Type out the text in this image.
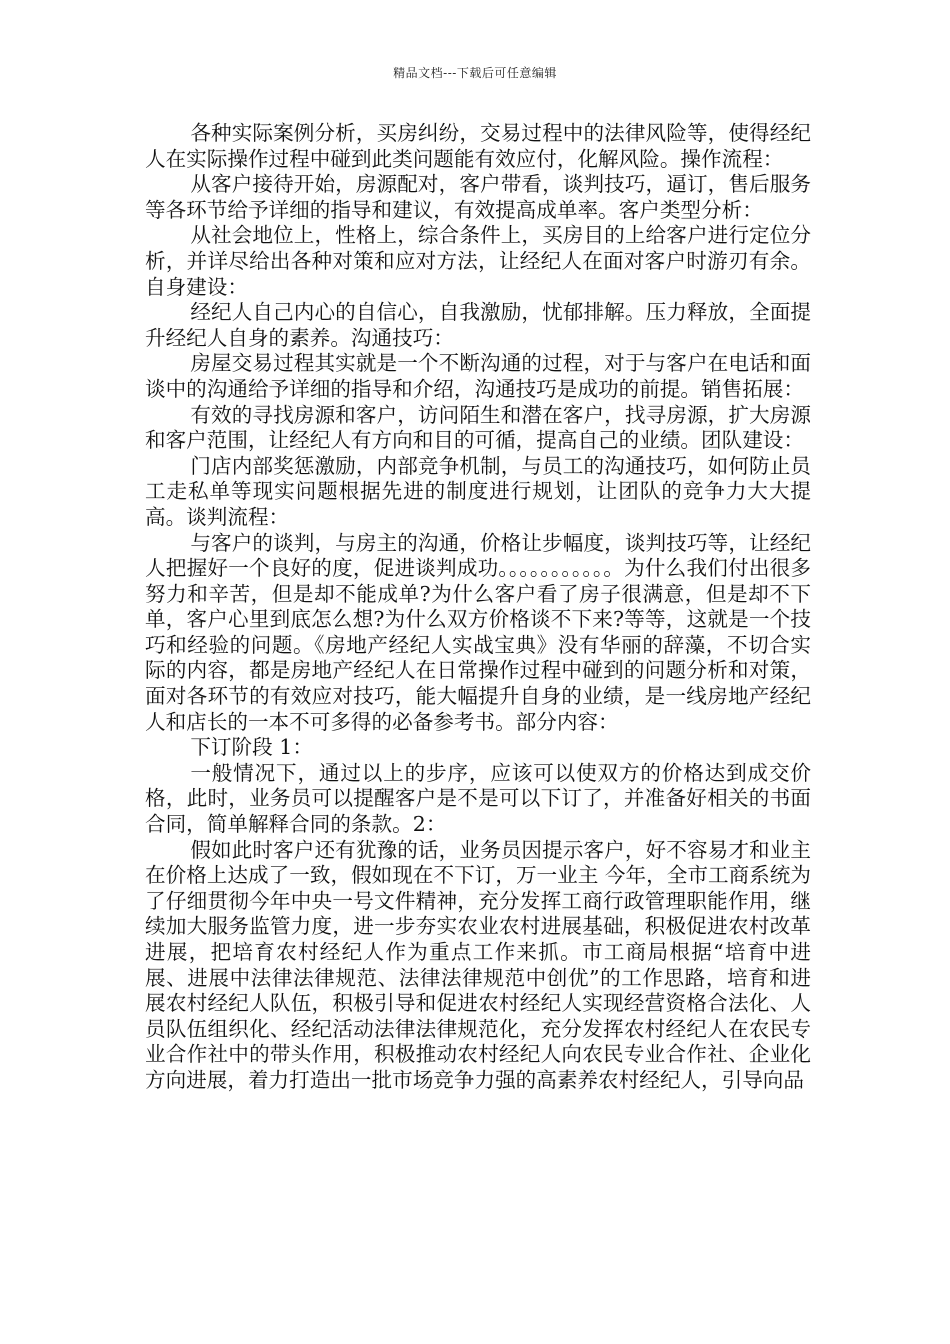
精品文档---下载后可任意编辑

各种实际案例分析，买房纠纷，交易过程中的法律风险等，使得经纪人在实际操作过程中碰到此类问题能有效应付，化解风险。操作流程：

从客户接待开始，房源配对，客户带看，谈判技巧，逼订，售后服务等各环节给予详细的指导和建议，有效提高成单率。客户类型分析：

从社会地位上，性格上，综合条件上，买房目的上给客户进行定位分析，并详尽给出各种对策和应对方法，让经纪人在面对客户时游刃有余。自身建设：

经纪人自己内心的自信心，自我激励，忧郁排解。压力释放，全面提升经纪人自身的素养。沟通技巧：

房屋交易过程其实就是一个不断沟通的过程，对于与客户在电话和面谈中的沟通给予详细的指导和介绍，沟通技巧是成功的前提。销售拓展：

有效的寻找房源和客户，访问陌生和潜在客户，找寻房源，扩大房源和客户范围，让经纪人有方向和目的可循，提高自己的业绩。团队建设：

门店内部奖惩激励，内部竞争机制，与员工的沟通技巧，如何防止员工走私单等现实问题根据先进的制度进行规划，让团队的竞争力大大提高。谈判流程：

与客户的谈判，与房主的沟通，价格让步幅度，谈判技巧等，让经纪人把握好一个良好的度，促进谈判成功。。。。。。。。。。。为什么我们付出很多努力和辛苦，但是却不能成单?为什么客户看了房子很满意，但是却不下单，客户心里到底怎么想?为什么双方价格谈不下来?等等，这就是一个技巧和经验的问题。《房地产经纪人实战宝典》没有华丽的辞藻，不切合实际的内容，都是房地产经纪人在日常操作过程中碰到的问题分析和对策，面对各环节的有效应对技巧，能大幅提升自身的业绩，是一线房地产经纪人和店长的一本不可多得的必备参考书。部分内容：

下订阶段 1：

一般情况下，通过以上的步序，应该可以使双方的价格达到成交价格，此时，业务员可以提醒客户是不是可以下订了，并准备好相关的书面合同，简单解释合同的条款。2：

假如此时客户还有犹豫的话，业务员因提示客户，好不容易才和业主在价格上达成了一致，假如现在不下订，万一业主 今年，全市工商系统为了仔细贯彻今年中央一号文件精神，充分发挥工商行政管理职能作用，继续加大服务监管力度，进一步夯实农业农村进展基础，积极促进农村改革进展，把培育农村经纪人作为重点工作来抓。市工商局根据“培育中进展、进展中法律法律规范、法律法律规范中创优”的工作思路，培育和进展农村经纪人队伍，积极引导和促进农村经纪人实现经营资格合法化、人员队伍组织化、经纪活动法律法律规范化，充分发挥农村经纪人在农民专业合作社中的带头作用，积极推动农村经纪人向农民专业合作社、企业化方向进展，着力打造出一批市场竞争力强的高素养农村经纪人，引导向品
